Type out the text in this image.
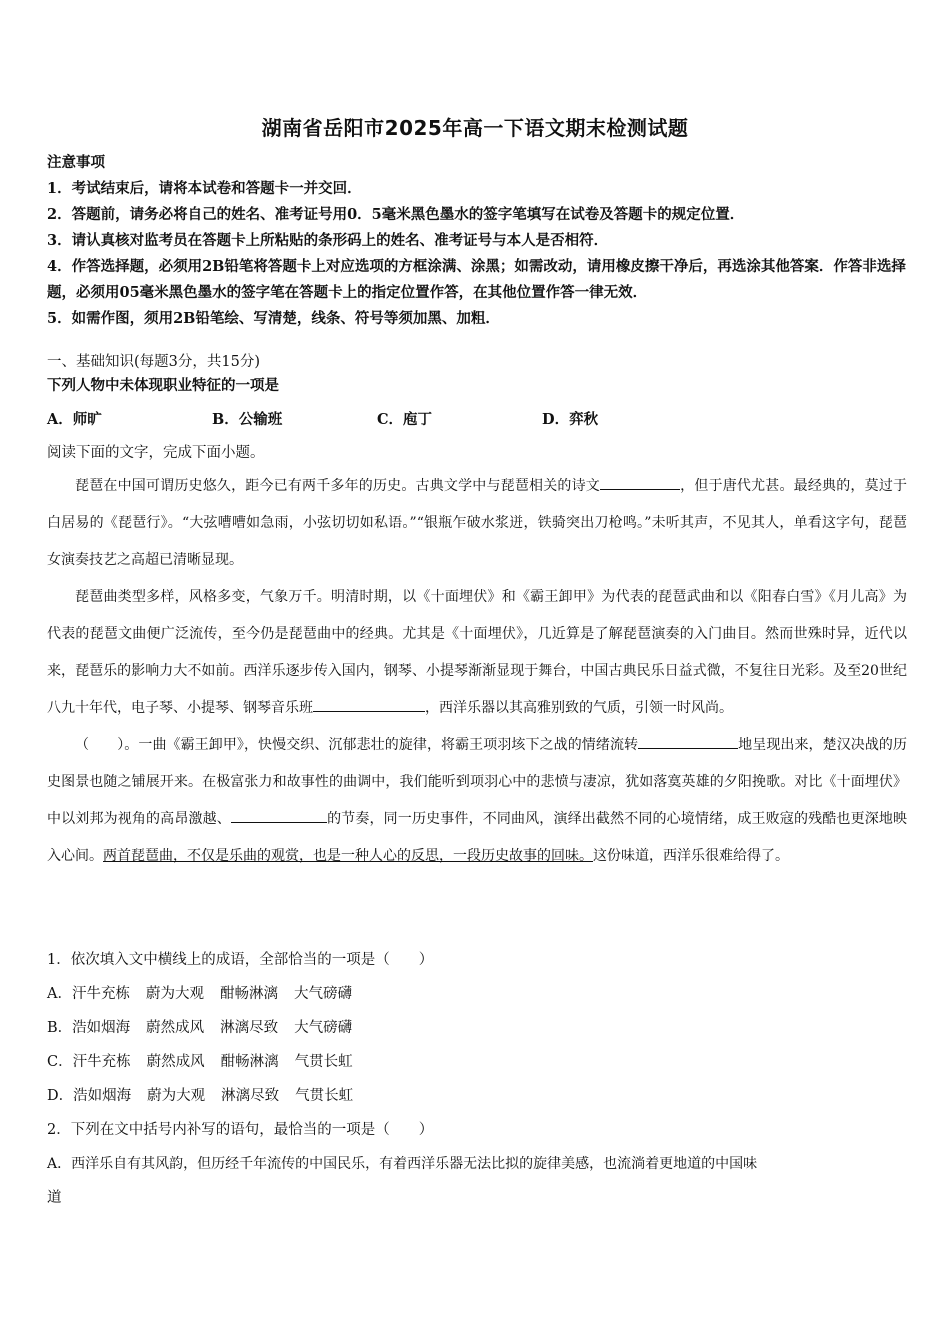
湖南省岳阳市2025年高一下语文期末检测试题
注意事项
1．考试结束后，请将本试卷和答题卡一并交回．
2．答题前，请务必将自己的姓名、准考证号用0．5毫米黑色墨水的签字笔填写在试卷及答题卡的规定位置．
3．请认真核对监考员在答题卡上所粘贴的条形码上的姓名、准考证号与本人是否相符．
4．作答选择题，必须用2B铅笔将答题卡上对应选项的方框涂满、涂黑；如需改动，请用橡皮擦干净后，再选涂其他答案．作答非选择题，必须用05毫米黑色墨水的签字笔在答题卡上的指定位置作答，在其他位置作答一律无效．
5．如需作图，须用2B铅笔绘、写清楚，线条、符号等须加黑、加粗．
一、基础知识(每题3分，共15分)
下列人物中未体现职业特征的一项是
A．师旷	B．公输班	C．庖丁	D．弈秋
阅读下面的文字，完成下面小题。

琵琶在中国可谓历史悠久，距今已有两千多年的历史。古典文学中与琵琶相关的诗文	，但于唐代尤甚。最经典的，莫过于白居易的《琵琶行》。“大弦嘈嘈如急雨，小弦切切如私语。”“银瓶乍破水浆迸，铁骑突出刀枪鸣。”未听其声，不见其人，单看这字句，琵琶女演奏技艺之高超已清晰显现。

琵琶曲类型多样，风格多变，气象万千。明清时期，以《十面埋伏》和《霸王卸甲》为代表的琵琶武曲和以《阳春白雪》《月儿高》为代表的琵琶文曲便广泛流传，至今仍是琵琶曲中的经典。尤其是《十面埋伏》，几近算是了解琵琶演奏的入门曲目。然而世殊时异，近代以来，琵琶乐的影响力大不如前。西洋乐逐步传入国内，钢琴、小提琴渐渐显现于舞台，中国古典民乐日益式微，不复往日光彩。及至20世纪八九十年代，电子琴、小提琴、钢琴音乐班	，西洋乐器以其高雅别致的气质，引领一时风尚。

（　　）。一曲《霸王卸甲》，快慢交织、沉郁悲壮的旋律，将霸王项羽垓下之战的情绪流转	地呈现出来，楚汉决战的历史图景也随之铺展开来。在极富张力和故事性的曲调中，我们能听到项羽心中的悲愤与凄凉，犹如落寞英雄的夕阳挽歌。对比《十面埋伏》中以刘邦为视角的高昂激越、	的节奏，同一历史事件，不同曲风，演绎出截然不同的心境情绪，成王败寇的残酷也更深地映入心间。两首琵琶曲，不仅是乐曲的观赏，也是一种人心的反思，一段历史故事的回味。这份味道，西洋乐很难给得了。

1．依次填入文中横线上的成语，全部恰当的一项是（　　）
A．汗牛充栋 蔚为大观 酣畅淋漓 大气磅礴
B．浩如烟海 蔚然成风 淋漓尽致 大气磅礴
C．汗牛充栋 蔚然成风 酣畅淋漓 气贯长虹
D．浩如烟海 蔚为大观 淋漓尽致 气贯长虹
2．下列在文中括号内补写的语句，最恰当的一项是（　　）
A．西洋乐自有其风韵，但历经千年流传的中国民乐，有着西洋乐器无法比拟的旋律美感，也流淌着更地道的中国味
道
